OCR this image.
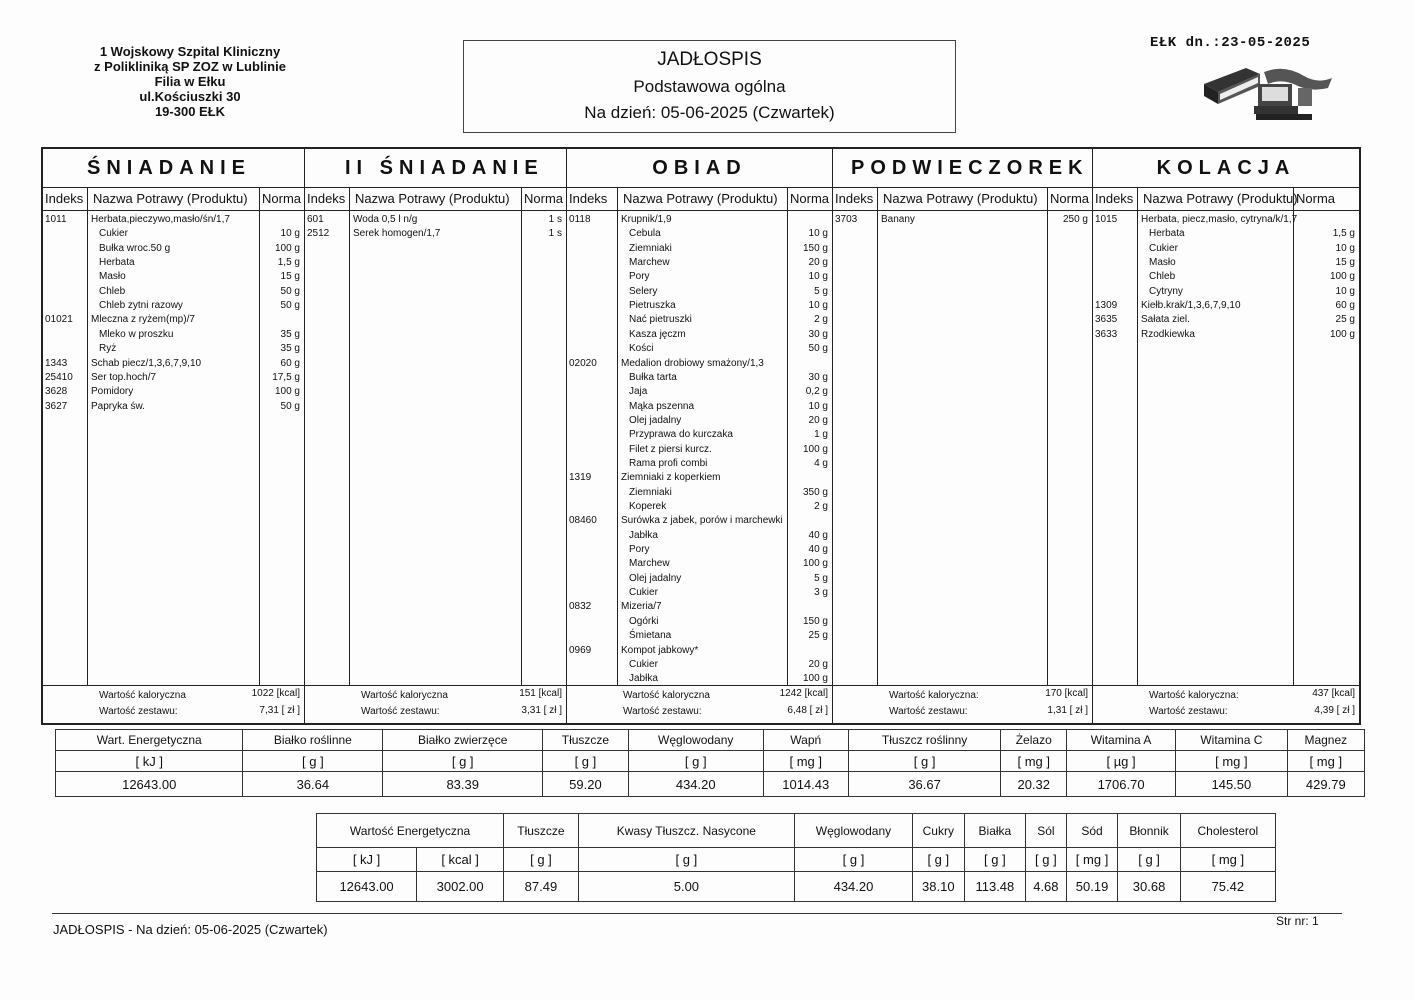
1 Wojskowy Szpital Kliniczny
z Polikliniką SP ZOZ w Lublinie
Filia w Ełku
ul.Kościuszki 30
19-300 EŁK
JADŁOSPIS
Podstawowa ogólna
Na dzień: 05-06-2025 (Czwartek)
EŁK dn.:23-05-2025
ŚNIADANIE
Indeks Nazwa Potrawy (Produktu) Norma
1011 Herbata,pieczywo,masło/śn/1,7
Cukier	10 g
Bułka wroc.50 g	100 g
Herbata	1,5 g
Masło	15 g
Chleb	50 g
Chleb zytni razowy	50 g
01021 Mleczna z ryżem(mp)/7
Mleko w proszku	35 g
Ryż	35 g
1343 Schab piecz/1,3,6,7,9,10	60 g
25410 Ser top.hoch/7	17,5 g
3628 Pomidory	100 g
3627 Papryka św.	50 g
Wartość kaloryczna	1022 [kcal]
Wartość zestawu:	7,31 [ zł ]
II ŚNIADANIE
Indeks Nazwa Potrawy (Produktu) Norma
601	Woda 0,5 l n/g	1 s
2512 Serek homogen/1,7	1 s
Wartość kaloryczna	151 [kcal]
Wartość zestawu:	3,31 [ zł ]
OBIAD
Indeks Nazwa Potrawy (Produktu) Norma
0118	Krupnik/1,9
Cebula	10 g
Ziemniaki	150 g
Marchew	20 g
Pory	10 g
Selery	5 g
Pietruszka	10 g
Nać pietruszki	2 g
Kasza jęczm	30 g
Kości	50 g
02020 Medalion drobiowy smażony/1,3
Bułka tarta	30 g
Jaja	0,2 g
Mąka pszenna	10 g
Olej jadalny	20 g
Przyprawa do kurczaka	1 g
Filet z piersi kurcz.	100 g
Rama profi combi	4 g
1319	Ziemniaki z koperkiem
Ziemniaki	350 g
Koperek	2 g
08460 Surówka z jabek, porów i marchewki
Jabłka	40 g
Pory	40 g
Marchew	100 g
Olej jadalny	5 g
Cukier	3 g
0832	Mizeria/7
Ogórki	150 g
Śmietana	25 g
0969	Kompot jabkowy*
Cukier	20 g
Jabłka	100 g
Wartość kaloryczna	1242 [kcal]
Wartość zestawu:	6,48 [ zł ]
PODWIECZOREK
Indeks Nazwa Potrawy (Produktu) Norma
3703 Banany	250 g
Wartość kaloryczna:	170 [kcal]
Wartość zestawu:	1,31 [ zł ]
KOLACJA
Indeks Nazwa Potrawy (Produktu)
Norma
1015 Herbata, piecz,masło, cytryna/k/1,7
Herbata	1,5 g
Cukier	10 g
Masło	15 g
Chleb	100 g
Cytryny	10 g
1309 Kiełb.krak/1,3,6,7,9,10	60 g
3635 Sałata ziel.	25 g
3633 Rzodkiewka	100 g
Wartość kaloryczna:	437 [kcal]
Wartość zestawu:	4,39 [ zł ]
Wart. Energetyczna	Białko roślinne	Białko zwierzęce	Tłuszcze	Węglowodany	Wapń	Tłuszcz roślinny	Żelazo	Witamina A	Witamina C	Magnez
[ kJ ]	[ g ]	[ g ]	[ g ]	[ g ]	[ mg ]	[ g ]	[ mg ]	[ µg ]	[ mg ]	[ mg ]
12643.00	36.64	83.39	59.20	434.20	1014.43	36.67	20.32	1706.70	145.50	429.79
Wartość Energetyczna		Tłuszcze	Kwasy Tłuszcz. Nasycone	Węglowodany	Cukry	Białka	Sól	Sód	Błonnik	Cholesterol
[ kJ ]	[ kcal ]	[ g ]	[ g ]	[ g ]	[ g ]	[ g ]	[ g ]	[ mg ]	[ g ]	[ mg ]
12643.00	3002.00	87.49	5.00	434.20	38.10	113.48	4.68	50.19	30.68	75.42
JADŁOSPIS - Na dzień: 05-06-2025 (Czwartek)
Str nr: 1
